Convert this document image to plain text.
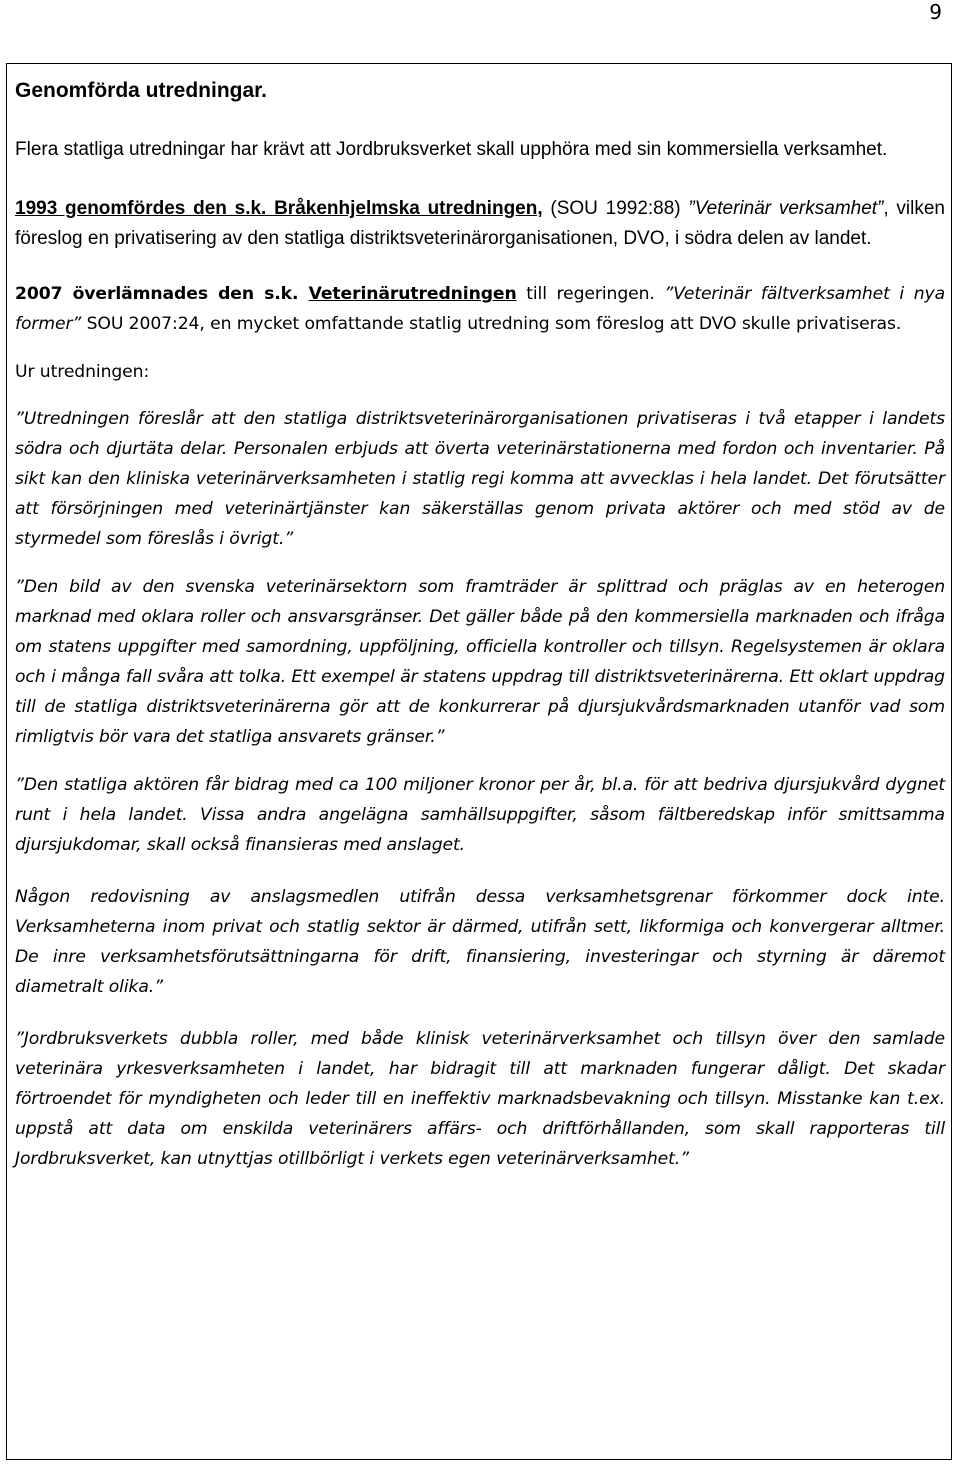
9

Genomförda utredningar.

Flera statliga utredningar har krävt att Jordbruksverket skall upphöra med sin kommersiella verksamhet.

1993 genomfördes den s.k. Bråkenhjelmska utredningen, (SOU 1992:88) ”Veterinär verksamhet”, vilken föreslog en privatisering av den statliga distriktsveterinärorganisationen, DVO, i södra delen av landet.

2007 överlämnades den s.k. Veterinärutredningen till regeringen. ”Veterinär fältverksamhet i nya former” SOU 2007:24, en mycket omfattande statlig utredning som föreslog att DVO skulle privatiseras.

Ur utredningen:

”Utredningen föreslår att den statliga distriktsveterinärorganisationen privatiseras i två etapper i landets södra och djurtäta delar. Personalen erbjuds att överta veterinärstationerna med fordon och inventarier. På sikt kan den kliniska veterinärverksamheten i statlig regi komma att avvecklas i hela landet. Det förutsätter att försörjningen med veterinärtjänster kan säkerställas genom privata aktörer och med stöd av de styrmedel som föreslås i övrigt.”

”Den bild av den svenska veterinärsektorn som framträder är splittrad och präglas av en heterogen marknad med oklara roller och ansvarsgränser. Det gäller både på den kommersiella marknaden och ifråga om statens uppgifter med samordning, uppföljning, officiella kontroller och tillsyn. Regelsystemen är oklara och i många fall svåra att tolka. Ett exempel är statens uppdrag till distriktsveterinärerna. Ett oklart uppdrag till de statliga distriktsveterinärerna gör att de konkurrerar på djursjukvårdsmarknaden utanför vad som rimligtvis bör vara det statliga ansvarets gränser.”

”Den statliga aktören får bidrag med ca 100 miljoner kronor per år, bl.a. för att bedriva djursjukvård dygnet runt i hela landet. Vissa andra angelägna samhällsuppgifter, såsom fältberedskap inför smittsamma djursjukdomar, skall också finansieras med anslaget.

Någon redovisning av anslagsmedlen utifrån dessa verksamhetsgrenar förkommer dock inte. Verksamheterna inom privat och statlig sektor är därmed, utifrån sett, likformiga och konvergerar alltmer. De inre verksamhetsförutsättningarna för drift, finansiering, investeringar och styrning är däremot diametralt olika.”

”Jordbruksverkets dubbla roller, med både klinisk veterinärverksamhet och tillsyn över den samlade veterinära yrkesverksamheten i landet, har bidragit till att marknaden fungerar dåligt. Det skadar förtroendet för myndigheten och leder till en ineffektiv marknadsbevakning och tillsyn. Misstanke kan t.ex. uppstå att data om enskilda veterinärers affärs- och driftförhållanden, som skall rapporteras till Jordbruksverket, kan utnyttjas otillbörligt i verkets egen veterinärverksamhet.”
